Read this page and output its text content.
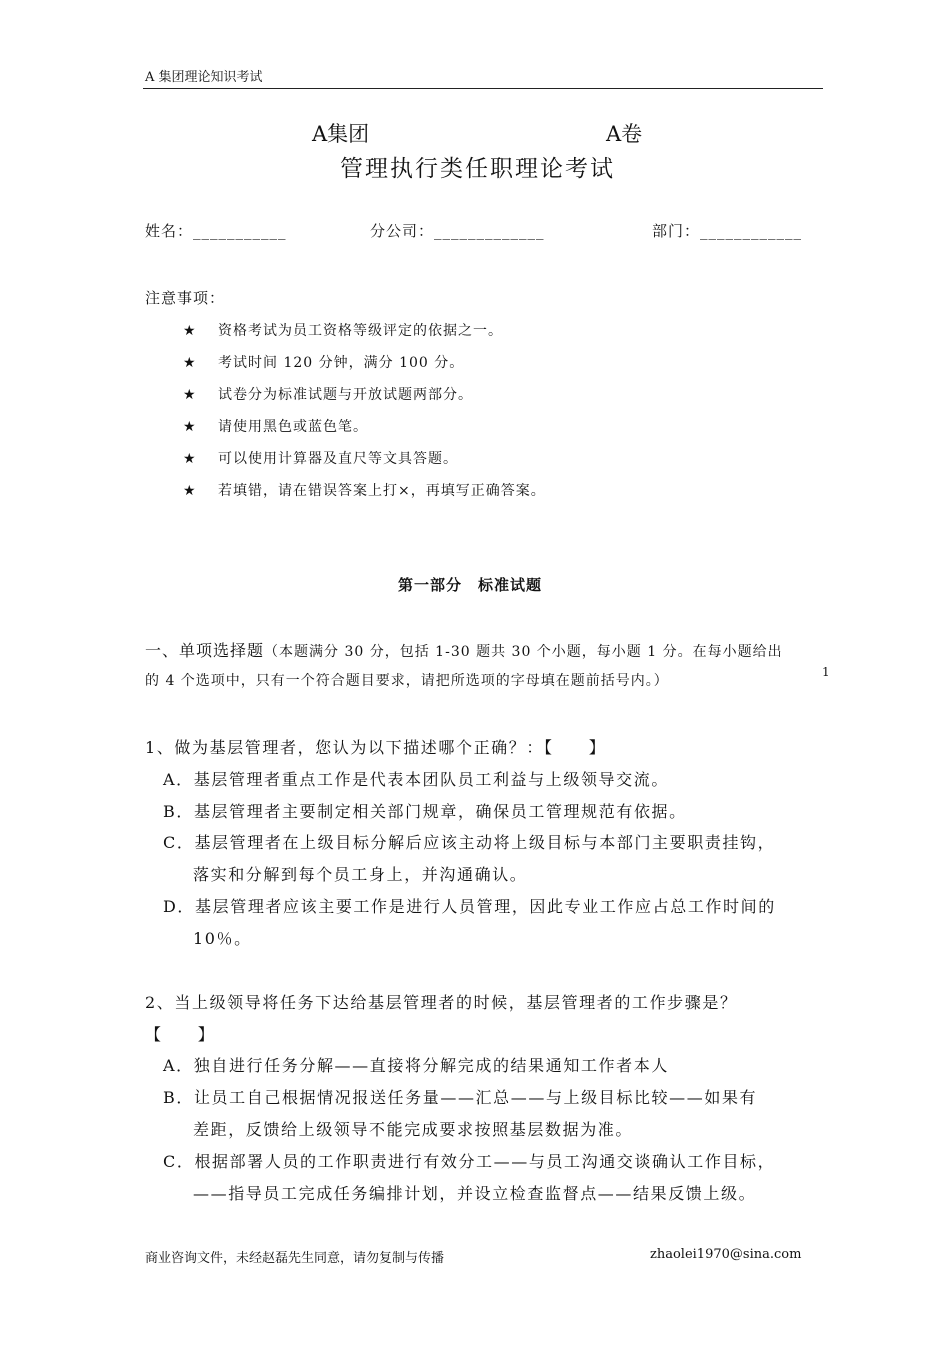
A 集团理论知识考试
A集团	A卷
管理执行类任职理论考试
姓名：___________	分公司：_____________	部门：____________
注意事项：
★ 资格考试为员工资格等级评定的依据之一。
★ 考试时间 120 分钟，满分 100 分。
★ 试卷分为标准试题与开放试题两部分。
★ 请使用黑色或蓝色笔。
★ 可以使用计算器及直尺等文具答题。
★ 若填错，请在错误答案上打×，再填写正确答案。
第一部分　标准试题
一、单项选择题（本题满分 30 分，包括 1-30 题共 30 个小题，每小题 1 分。在每小题给出
的 4 个选项中，只有一个符合题目要求，请把所选项的字母填在题前括号内。）
1
1、做为基层管理者，您认为以下描述哪个正确？：【　　】
A．基层管理者重点工作是代表本团队员工利益与上级领导交流。
B．基层管理者主要制定相关部门规章，确保员工管理规范有依据。
C．基层管理者在上级目标分解后应该主动将上级目标与本部门主要职责挂钩，
落实和分解到每个员工身上，并沟通确认。
D．基层管理者应该主要工作是进行人员管理，因此专业工作应占总工作时间的
10％。
2、当上级领导将任务下达给基层管理者的时候，基层管理者的工作步骤是？
【　　】
A．独自进行任务分解——直接将分解完成的结果通知工作者本人
B．让员工自己根据情况报送任务量——汇总——与上级目标比较——如果有
差距，反馈给上级领导不能完成要求按照基层数据为准。
C．根据部署人员的工作职责进行有效分工——与员工沟通交谈确认工作目标，
——指导员工完成任务编排计划，并设立检查监督点——结果反馈上级。
商业咨询文件，未经赵磊先生同意，请勿复制与传播	zhaolei1970@sina.com
